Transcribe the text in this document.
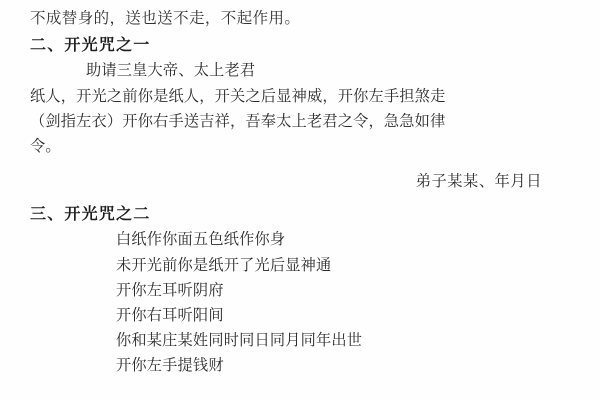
不成替身的，送也送不走，不起作用。
二、开光咒之一
助请三皇大帝、太上老君
纸人，开光之前你是纸人，开关之后显神威，开你左手担煞走
（剑指左衣）开你右手送吉祥，吾奉太上老君之令，急急如律
令。
弟子某某、年月日
三、开光咒之二
白纸作你面五色纸作你身
未开光前你是纸开了光后显神通
开你左耳听阴府
开你右耳听阳间
你和某庄某姓同时同日同月同年出世
开你左手提钱财
